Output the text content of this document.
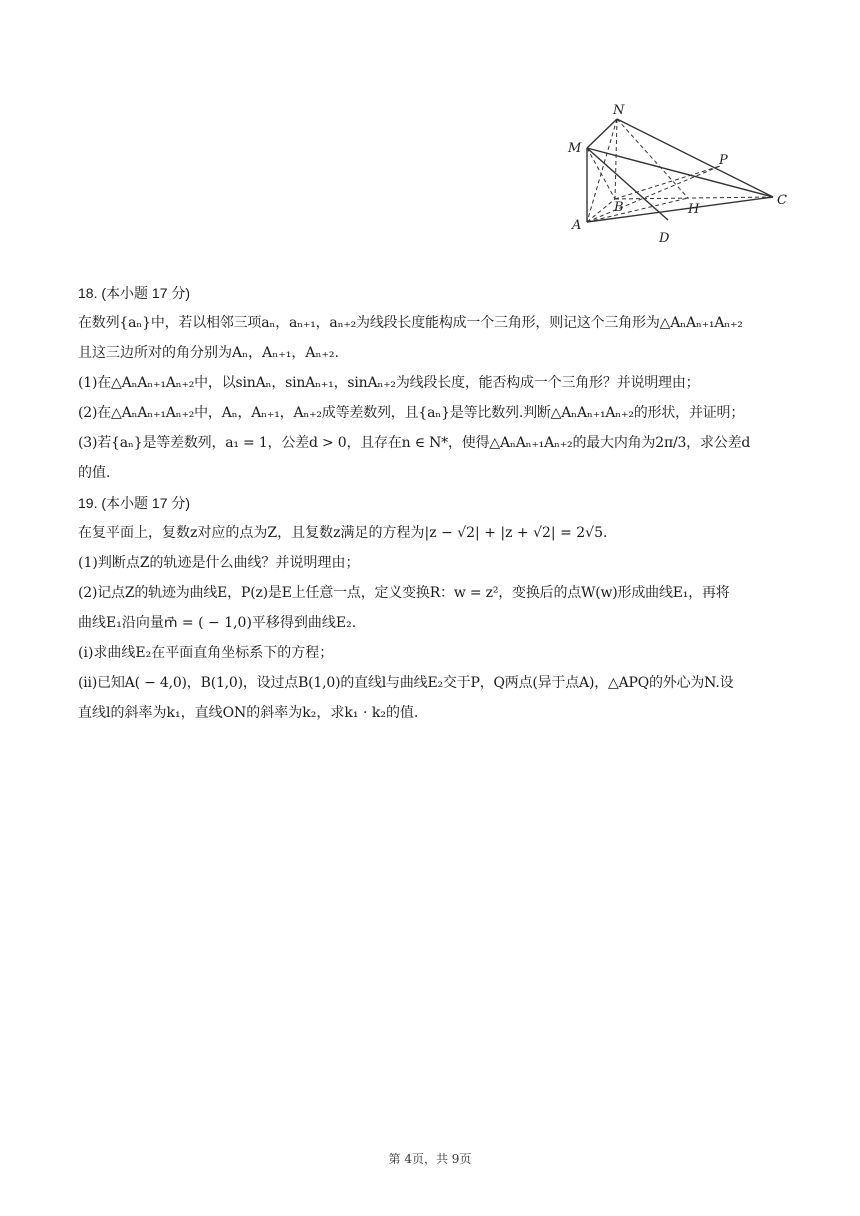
N
M
P
C
B	H
A
D
18. (本小题 17 分)
在数列{aₙ}中，若以相邻三项aₙ，aₙ₊₁，aₙ₊₂为线段长度能构成一个三角形，则记这个三角形为△AₙAₙ₊₁Aₙ₊₂
且这三边所对的角分别为Aₙ，Aₙ₊₁，Aₙ₊₂.
(1)在△AₙAₙ₊₁Aₙ₊₂中，以sinAₙ，sinAₙ₊₁，sinAₙ₊₂为线段长度，能否构成一个三角形？并说明理由；
(2)在△AₙAₙ₊₁Aₙ₊₂中，Aₙ，Aₙ₊₁，Aₙ₊₂成等差数列，且{aₙ}是等比数列.判断△AₙAₙ₊₁Aₙ₊₂的形状，并证明；
(3)若{aₙ}是等差数列，a₁ = 1，公差d > 0，且存在n ∈ N*，使得△AₙAₙ₊₁Aₙ₊₂的最大内角为2π/3，求公差d
的值.
19. (本小题 17 分)
在复平面上，复数z对应的点为Z，且复数z满足的方程为|z − √2| + |z + √2| = 2√5.
(1)判断点Z的轨迹是什么曲线？并说明理由；
(2)记点Z的轨迹为曲线E，P(z)是E上任意一点，定义变换R：w = z²，变换后的点W(w)形成曲线E₁，再将
曲线E₁沿向量m⃗ = ( − 1,0)平移得到曲线E₂.
(i)求曲线E₂在平面直角坐标系下的方程；
(ii)已知A( − 4,0)，B(1,0)，设过点B(1,0)的直线l与曲线E₂交于P，Q两点(异于点A)，△APQ的外心为N.设
直线l的斜率为k₁，直线ON的斜率为k₂，求k₁ · k₂的值.
第 4页，共 9页
